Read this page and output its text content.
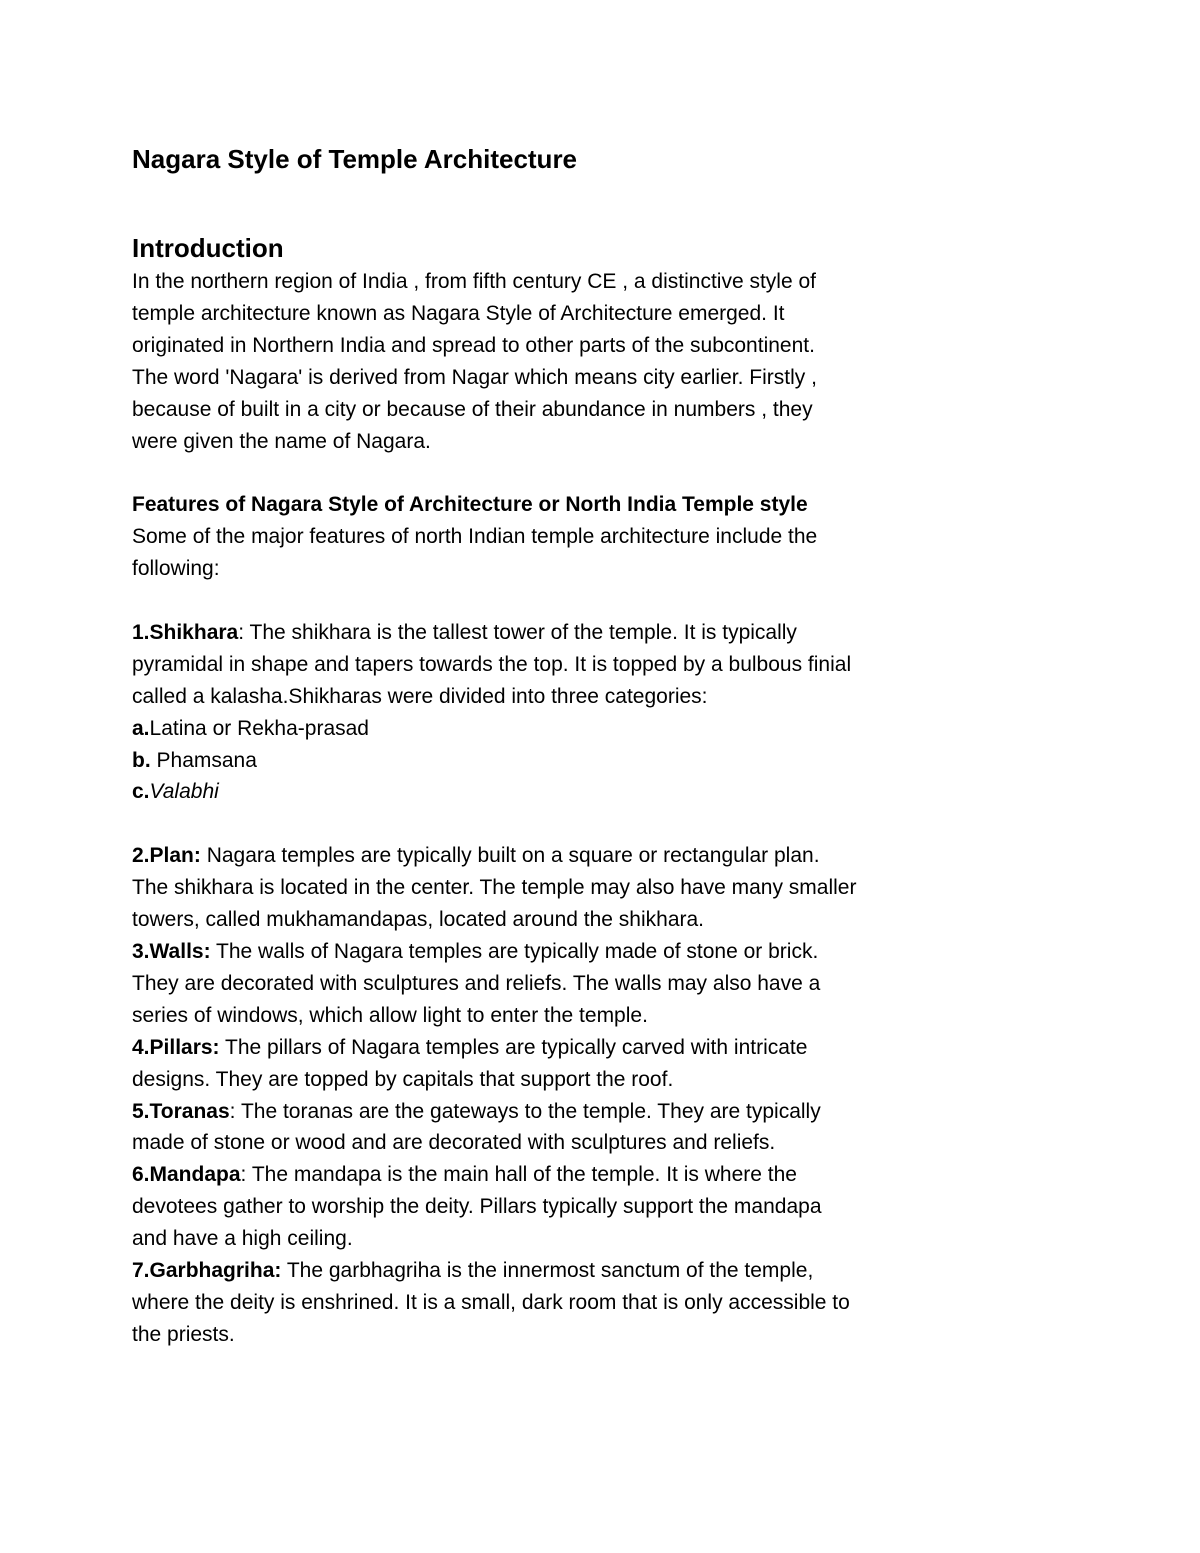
Nagara Style of Temple Architecture
Introduction
In the northern region of India , from fifth century CE , a distinctive style of
temple architecture known as Nagara Style of Architecture emerged. It
originated in Northern India and spread to other parts of the subcontinent.
The word 'Nagara' is derived from Nagar which means city earlier. Firstly ,
because of built in a city or because of their abundance in numbers , they
were given the name of Nagara.
Features of Nagara Style of Architecture or North India Temple style
Some of the major features of north Indian temple architecture include the
following:
1.Shikhara: The shikhara is the tallest tower of the temple. It is typically
pyramidal in shape and tapers towards the top. It is topped by a bulbous finial
called a kalasha.Shikharas were divided into three categories:
a.Latina or Rekha-prasad
b. Phamsana
c.Valabhi
2.Plan: Nagara temples are typically built on a square or rectangular plan.
The shikhara is located in the center. The temple may also have many smaller
towers, called mukhamandapas, located around the shikhara.
3.Walls: The walls of Nagara temples are typically made of stone or brick.
They are decorated with sculptures and reliefs. The walls may also have a
series of windows, which allow light to enter the temple.
4.Pillars: The pillars of Nagara temples are typically carved with intricate
designs. They are topped by capitals that support the roof.
5.Toranas: The toranas are the gateways to the temple. They are typically
made of stone or wood and are decorated with sculptures and reliefs.
6.Mandapa: The mandapa is the main hall of the temple. It is where the
devotees gather to worship the deity. Pillars typically support the mandapa
and have a high ceiling.
7.Garbhagriha: The garbhagriha is the innermost sanctum of the temple,
where the deity is enshrined. It is a small, dark room that is only accessible to
the priests.
